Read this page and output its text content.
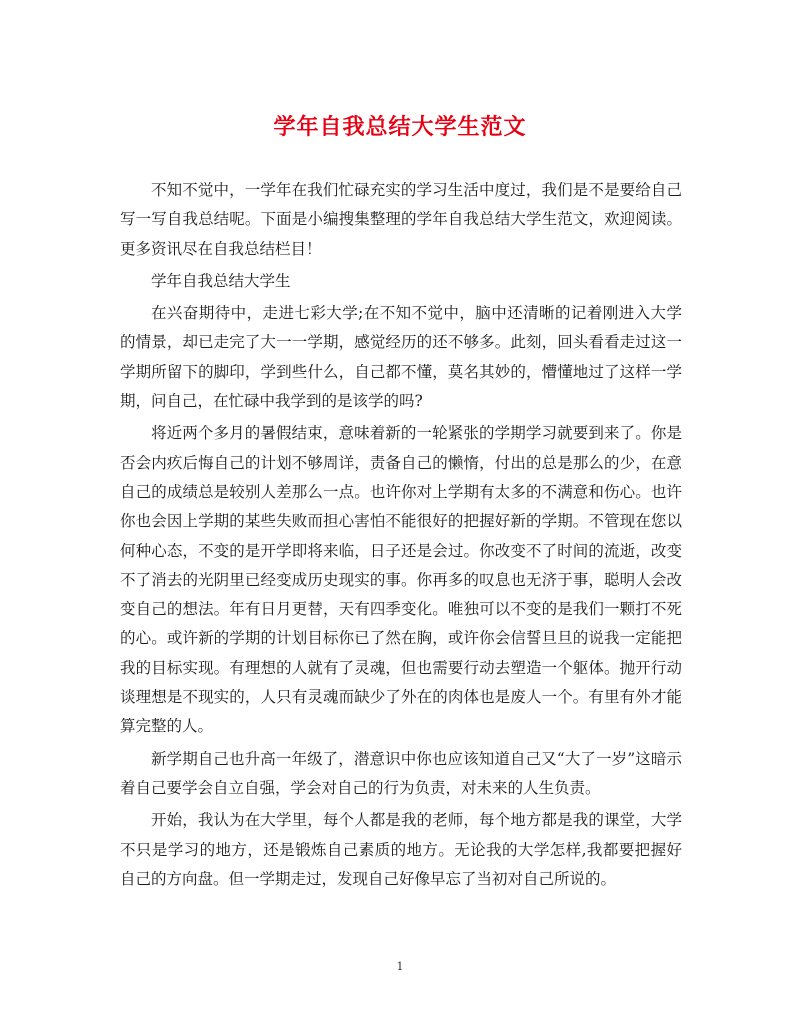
学年自我总结大学生范文

不知不觉中，一学年在我们忙碌充实的学习生活中度过，我们是不是要给自己写一写自我总结呢。下面是小编搜集整理的学年自我总结大学生范文，欢迎阅读。更多资讯尽在自我总结栏目！

学年自我总结大学生

在兴奋期待中，走进七彩大学;在不知不觉中，脑中还清晰的记着刚进入大学的情景，却已走完了大一一学期，感觉经历的还不够多。此刻，回头看看走过这一学期所留下的脚印，学到些什么，自己都不懂，莫名其妙的，懵懂地过了这样一学期，问自己，在忙碌中我学到的是该学的吗?

将近两个多月的暑假结束，意味着新的一轮紧张的学期学习就要到来了。你是否会内疚后悔自己的计划不够周详，责备自己的懒惰，付出的总是那么的少，在意自己的成绩总是较别人差那么一点。也许你对上学期有太多的不满意和伤心。也许你也会因上学期的某些失败而担心害怕不能很好的把握好新的学期。不管现在您以何种心态，不变的是开学即将来临，日子还是会过。你改变不了时间的流逝，改变不了消去的光阴里已经变成历史现实的事。你再多的叹息也无济于事，聪明人会改变自己的想法。年有日月更替，天有四季变化。唯独可以不变的是我们一颗打不死的心。或许新的学期的计划目标你已了然在胸，或许你会信誓旦旦的说我一定能把我的目标实现。有理想的人就有了灵魂，但也需要行动去塑造一个躯体。抛开行动谈理想是不现实的，人只有灵魂而缺少了外在的肉体也是废人一个。有里有外才能算完整的人。

新学期自己也升高一年级了，潜意识中你也应该知道自己又“大了一岁”这暗示着自己要学会自立自强，学会对自己的行为负责，对未来的人生负责。

开始，我认为在大学里，每个人都是我的老师，每个地方都是我的课堂，大学不只是学习的地方，还是锻炼自己素质的地方。无论我的大学怎样,我都要把握好自己的方向盘。但一学期走过，发现自己好像早忘了当初对自己所说的。

1
